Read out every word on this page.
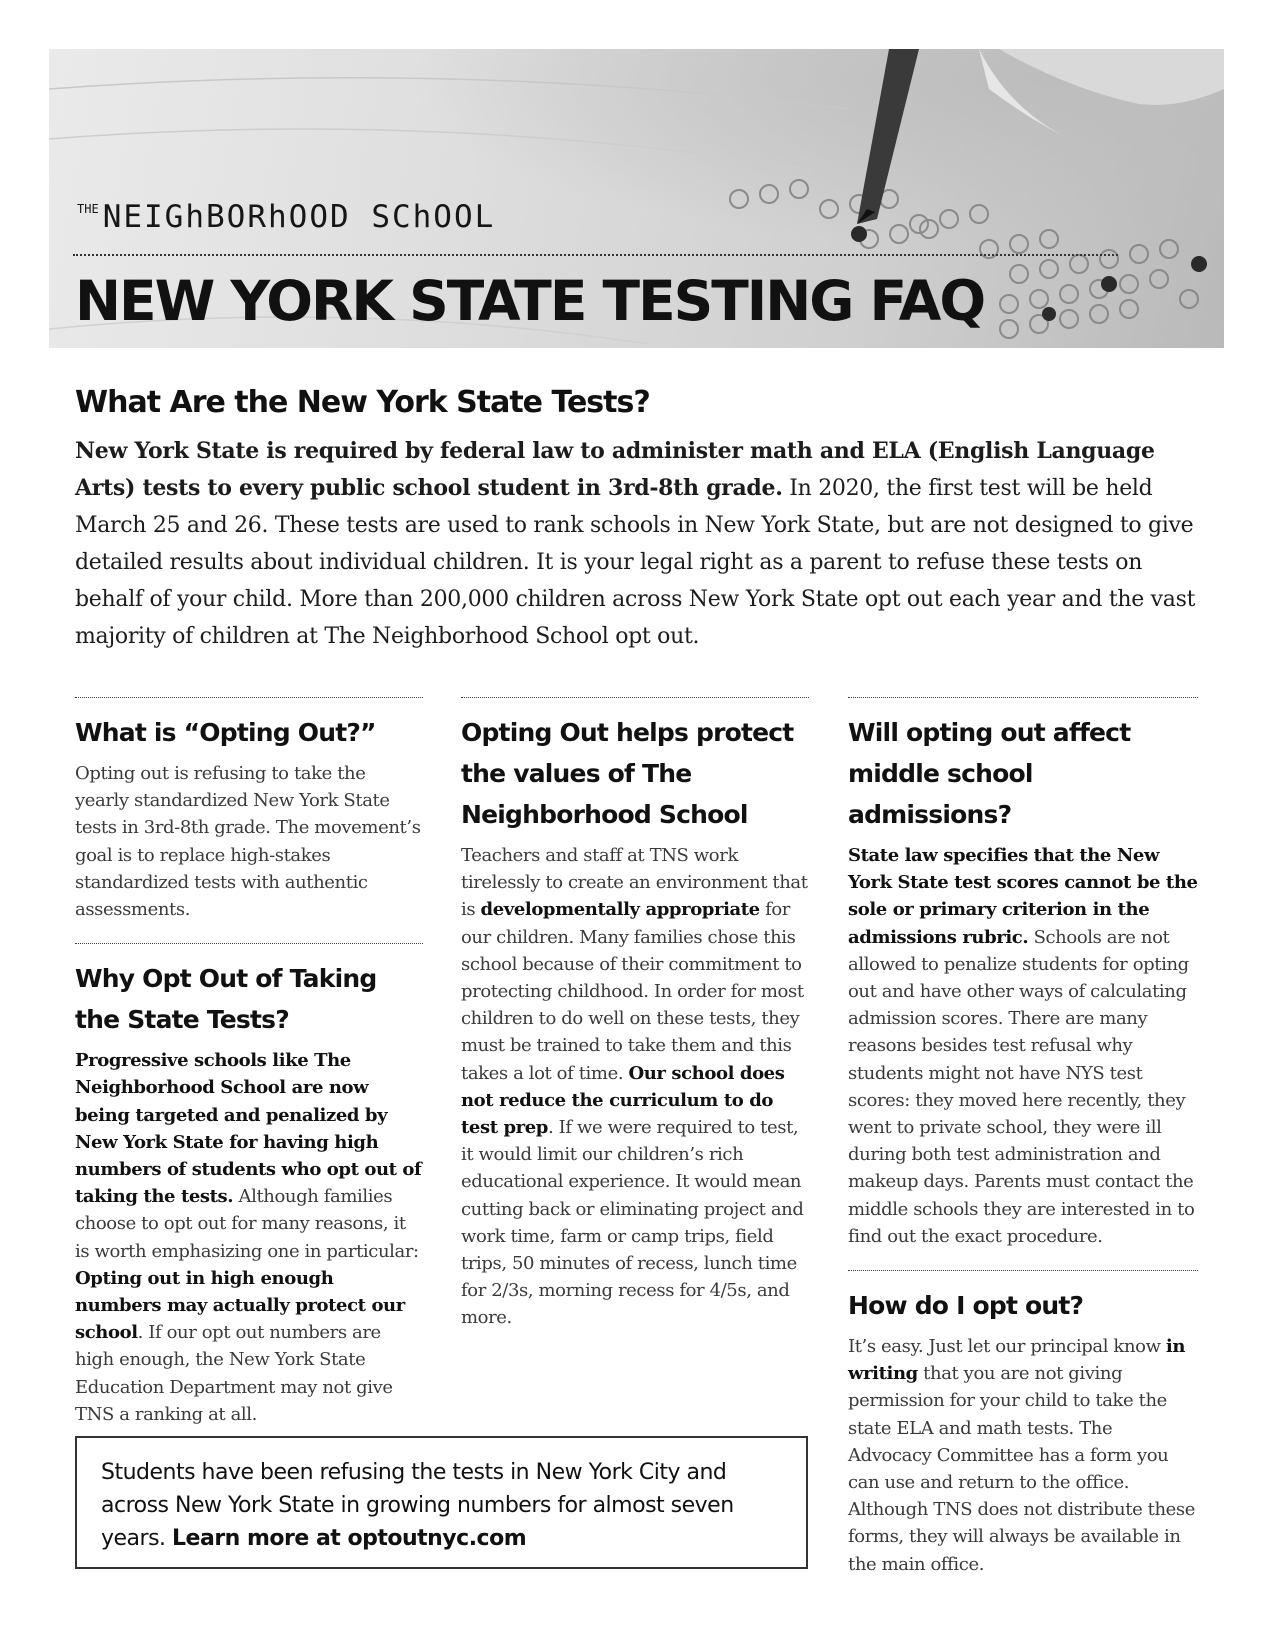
$^{THE}$ NEIGhBORhOOD SChOOL
NEW YORK STATE TESTING FAQ
What Are the New York State Tests?

New York State is required by federal law to administer math and ELA (English Language Arts) tests to every public school student in 3rd-8th grade. In 2020, the first test will be held March 25 and 26. These tests are used to rank schools in New York State, but are not designed to give detailed results about individual children. It is your legal right as a parent to refuse these tests on behalf of your child. More than 200,000 children across New York State opt out each year and the vast majority of children at The Neighborhood School opt out.

What is “Opting Out?”

Opting out is refusing to take the yearly standardized New York State tests in 3rd-8th grade. The movement’s goal is to replace high-stakes standardized tests with authentic assessments.

Why Opt Out of Taking the State Tests?

Progressive schools like The Neighborhood School are now being targeted and penalized by New York State for having high numbers of students who opt out of taking the tests. Although families choose to opt out for many reasons, it is worth emphasizing one in particular: Opting out in high enough numbers may actually protect our school. If our opt out numbers are high enough, the New York State Education Department may not give TNS a ranking at all.

Opting Out helps protect the values of The Neighborhood School

Teachers and staff at TNS work tirelessly to create an environment that is developmentally appropriate for our children. Many families chose this school because of their commitment to protecting childhood. In order for most children to do well on these tests, they must be trained to take them and this takes a lot of time. Our school does not reduce the curriculum to do test prep. If we were required to test, it would limit our children’s rich educational experience. It would mean cutting back or eliminating project and work time, farm or camp trips, field trips, 50 minutes of recess, lunch time for 2/3s, morning recess for 4/5s, and more.

Will opting out affect middle school admissions?

State law specifies that the New York State test scores cannot be the sole or primary criterion in the admissions rubric. Schools are not allowed to penalize students for opting out and have other ways of calculating admission scores. There are many reasons besides test refusal why students might not have NYS test scores: they moved here recently, they went to private school, they were ill during both test administration and makeup days. Parents must contact the middle schools they are interested in to find out the exact procedure.

How do I opt out?

It’s easy. Just let our principal know in writing that you are not giving permission for your child to take the state ELA and math tests. The Advocacy Committee has a form you can use and return to the office. Although TNS does not distribute these forms, they will always be available in the main office.

Students have been refusing the tests in New York City and across New York State in growing numbers for almost seven years. Learn more at optoutnyc.com
